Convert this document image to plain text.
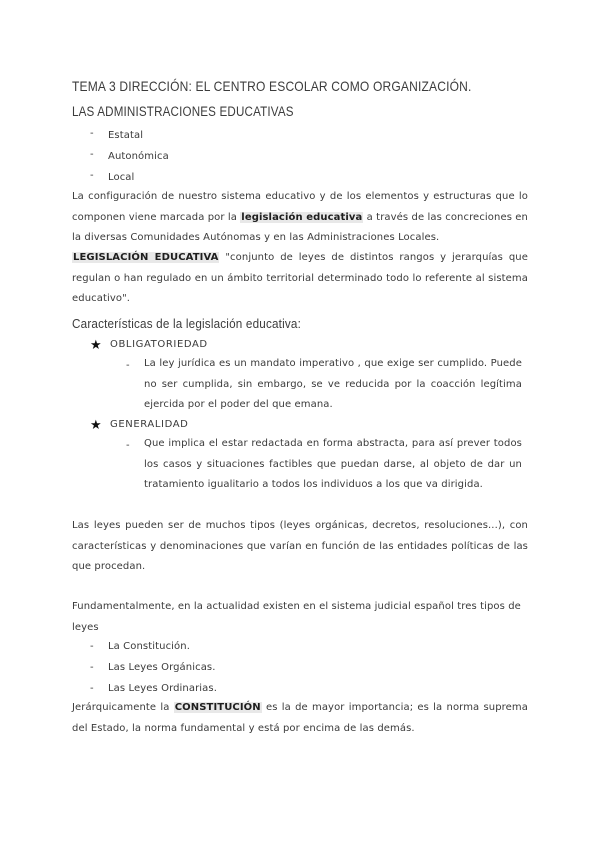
TEMA 3 DIRECCIÓN: EL CENTRO ESCOLAR COMO ORGANIZACIÓN.
LAS ADMINISTRACIONES EDUCATIVAS
- Estatal
- Autonómica
- Local
La configuración de nuestro sistema educativo y de los elementos y estructuras que lo componen viene marcada por la legislación educativa a través de las concreciones en la diversas Comunidades Autónomas y en las Administraciones Locales.
LEGISLACIÓN EDUCATIVA "conjunto de leyes de distintos rangos y jerarquías que regulan o han regulado en un ámbito territorial determinado todo lo referente al sistema educativo".
Características de la legislación educativa:
★ OBLIGATORIEDAD
- La ley jurídica es un mandato imperativo , que exige ser cumplido. Puede no ser cumplida, sin embargo, se ve reducida por la coacción legítima ejercida por el poder del que emana.
★ GENERALIDAD
- Que implica el estar redactada en forma abstracta, para así prever todos los casos y situaciones factibles que puedan darse, al objeto de dar un tratamiento igualitario a todos los individuos a los que va dirigida.
Las leyes pueden ser de muchos tipos (leyes orgánicas, decretos, resoluciones...), con características y denominaciones que varían en función de las entidades políticas de las que procedan.
Fundamentalmente, en la actualidad existen en el sistema judicial español tres tipos de leyes
- La Constitución.
- Las Leyes Orgánicas.
- Las Leyes Ordinarias.
Jerárquicamente la CONSTITUCIÓN es la de mayor importancia; es la norma suprema del Estado, la norma fundamental y está por encima de las demás.
